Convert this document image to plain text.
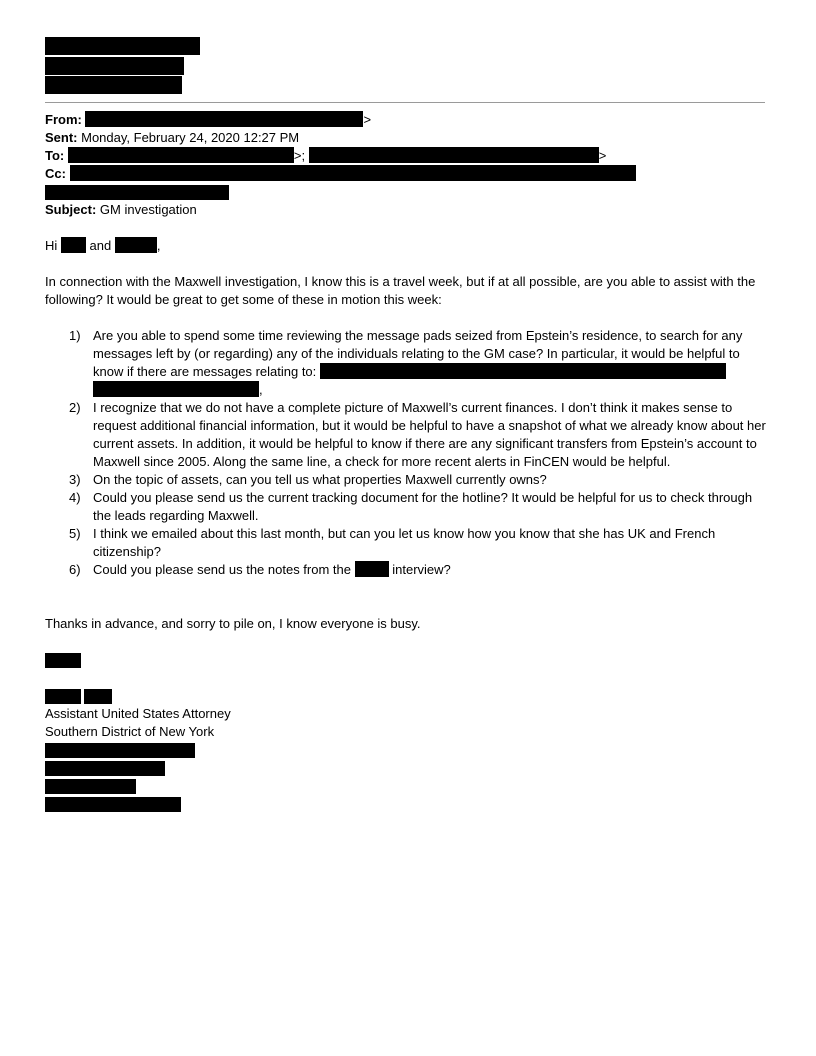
From:	>
Sent: Monday, February 24, 2020 12:27 PM
To:	>;	>
Cc:
Subject: GM investigation
Hi and	,
In connection with the Maxwell investigation, I know this is a travel week, but if at all possible, are you able to assist with the following? It would be great to get some of these in motion this week:
1) Are you able to spend some time reviewing the message pads seized from Epstein’s residence, to search for any messages left by (or regarding) any of the individuals relating to the GM case? In particular, it would be helpful to know if there are messages relating to:
,
2) I recognize that we do not have a complete picture of Maxwell’s current finances. I don’t think it makes sense to request additional financial information, but it would be helpful to have a snapshot of what we already know about her current assets. In addition, it would be helpful to know if there are any significant transfers from Epstein’s account to Maxwell since 2005. Along the same line, a check for more recent alerts in FinCEN would be helpful.
3) On the topic of assets, can you tell us what properties Maxwell currently owns?
4) Could you please send us the current tracking document for the hotline? It would be helpful for us to check through the leads regarding Maxwell.
5) I think we emailed about this last month, but can you let us know how you know that she has UK and French citizenship?
6) Could you please send us the notes from the	interview?
Thanks in advance, and sorry to pile on, I know everyone is busy.
Assistant United States Attorney
Southern District of New York
